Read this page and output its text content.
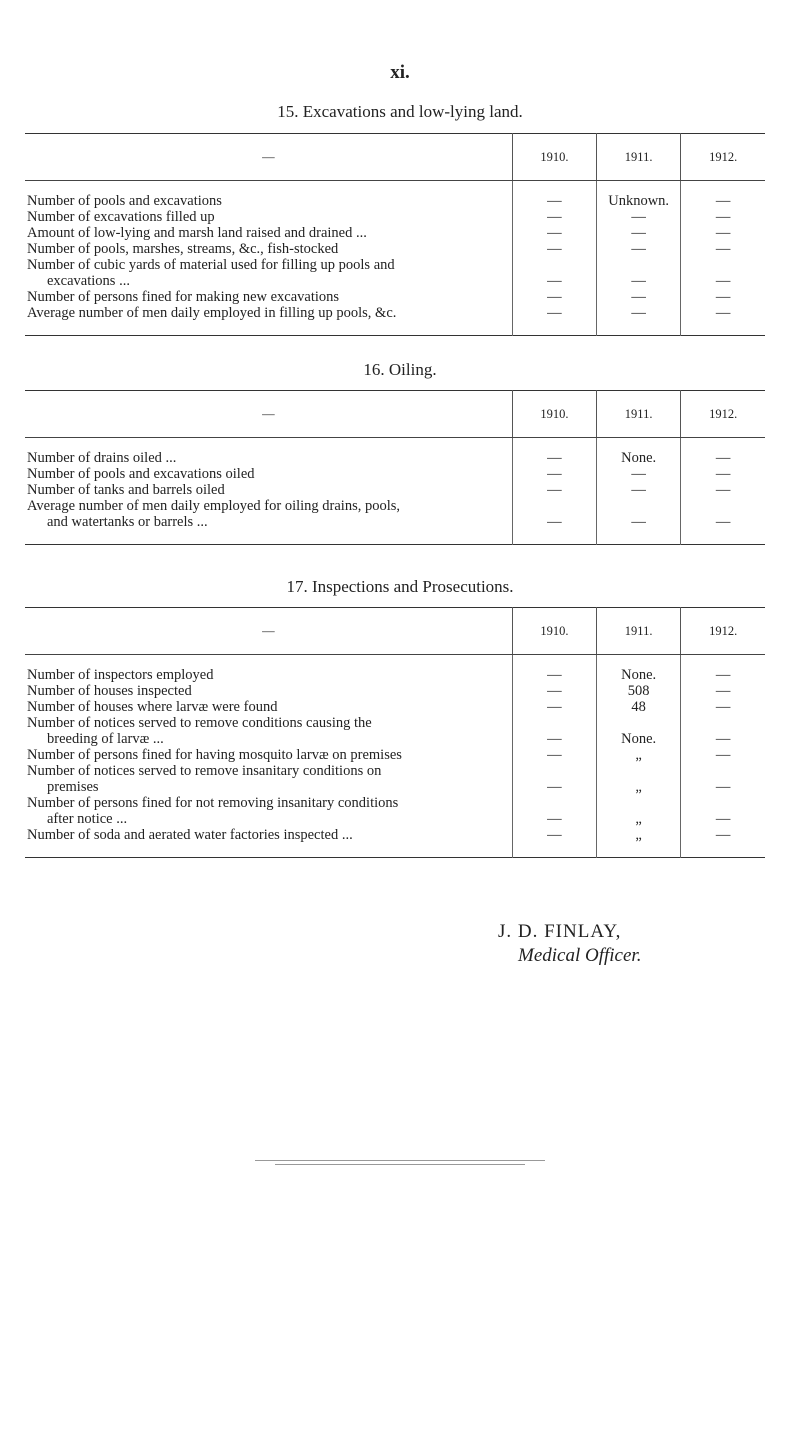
xi.
15. Excavations and low-lying land.
—	1910.	1911.	1912.

Number of pools and excavations	—	Unknown.	—

Number of excavations filled up	—	—	—

Amount of low-lying and marsh land raised and drained ...	—	—	—

Number of pools, marshes, streams, &c., fish-stocked	—	—	—

Number of cubic yards of material used for filling up pools and
excavations ...	—	—	—

Number of persons fined for making new excavations	—	—	—

Average number of men daily employed in filling up pools, &c.	—	—	—
16. Oiling.
—	1910.	1911.	1912.

Number of drains oiled ...	—	None.	—

Number of pools and excavations oiled	—	—	—

Number of tanks and barrels oiled	—	—	—

Average number of men daily employed for oiling drains, pools,
and watertanks or barrels ...	—	—	—
17. Inspections and Prosecutions.
—	1910.	1911.	1912.

Number of inspectors employed	—	None.	—

Number of houses inspected	—	508	—

Number of houses where larvæ were found	—	48	—

Number of notices served to remove conditions causing the
breeding of larvæ ...	—	None.	—

Number of persons fined for having mosquito larvæ on premises	—	„	—

Number of notices served to remove insanitary conditions on
premises	—	„	—

Number of persons fined for not removing insanitary conditions
after notice ...	—	„	—

Number of soda and aerated water factories inspected ...	—	„	—
J. D. FINLAY,
Medical Officer.
